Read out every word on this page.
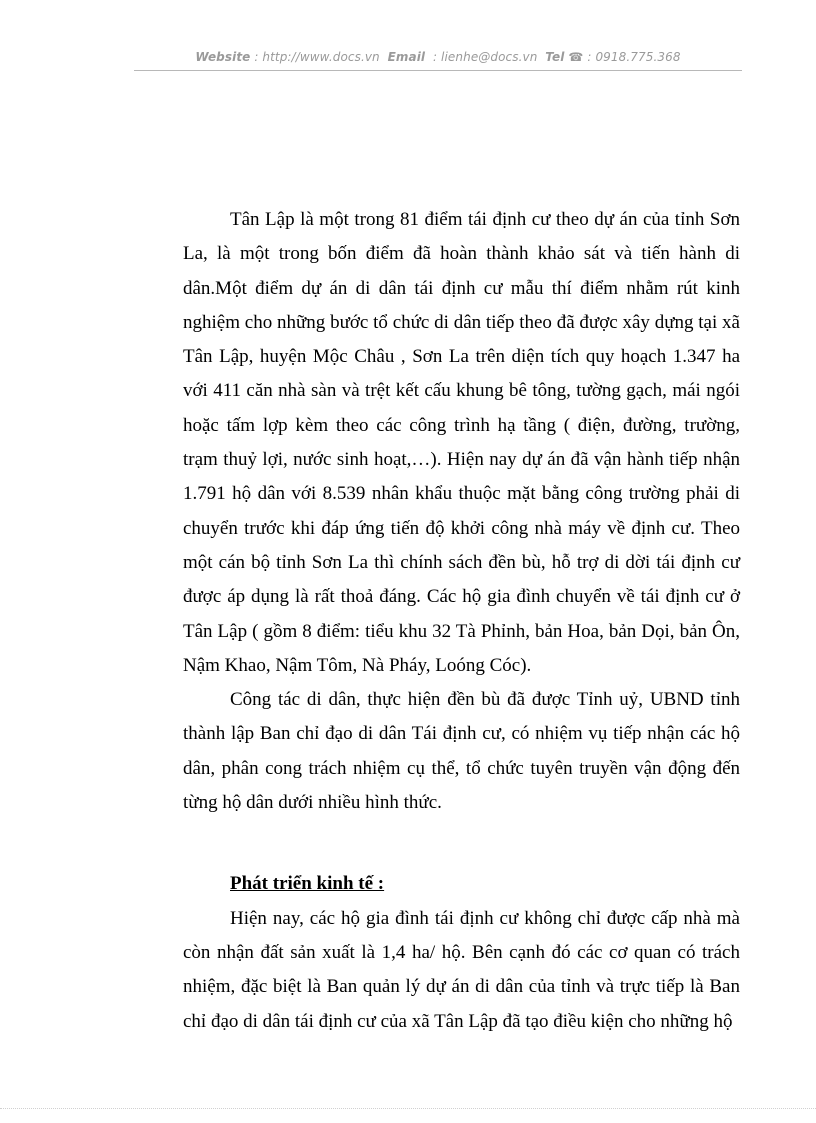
Website : http://www.docs.vn Email : lienhe@docs.vn Tel ☎ : 0918.775.368

Tân Lập là một trong 81 điểm tái định cư theo dự án của tỉnh Sơn La, là một trong bốn điểm đã hoàn thành khảo sát và tiến hành di dân.Một điểm dự án di dân tái định cư mẫu thí điểm nhằm rút kinh nghiệm cho những bước tổ chức di dân tiếp theo đã được xây dựng tại xã Tân Lập, huyện Mộc Châu , Sơn La trên diện tích quy hoạch 1.347 ha với 411 căn nhà sàn và trệt kết cấu khung bê tông, tường gạch, mái ngói hoặc tấm lợp kèm theo các công trình hạ tầng ( điện, đường, trường, trạm thuỷ lợi, nước sinh hoạt,…). Hiện nay dự án đã vận hành tiếp nhận 1.791 hộ dân với 8.539 nhân khẩu thuộc mặt bằng công trường phải di chuyển trước khi đáp ứng tiến độ khởi công nhà máy về định cư. Theo một cán bộ tỉnh Sơn La thì chính sách đền bù, hỗ trợ di dời tái định cư được áp dụng là rất thoả đáng. Các hộ gia đình chuyển về tái định cư ở Tân Lập ( gồm 8 điểm: tiểu khu 32 Tà Phỉnh, bản Hoa, bản Dọi, bản Ôn, Nậm Khao, Nậm Tôm, Nà Pháy, Loóng Cóc).

Công tác di dân, thực hiện đền bù đã được Tỉnh uỷ, UBND tỉnh thành lập Ban chỉ đạo di dân Tái định cư, có nhiệm vụ tiếp nhận các hộ dân, phân cong trách nhiệm cụ thể, tổ chức tuyên truyền vận động đến từng hộ dân dưới nhiều hình thức.

Phát triển kinh tế :

Hiện nay, các hộ gia đình tái định cư không chỉ được cấp nhà mà còn nhận đất sản xuất là 1,4 ha/ hộ. Bên cạnh đó các cơ quan có trách nhiệm, đặc biệt là Ban quản lý dự án di dân của tỉnh và trực tiếp là Ban chỉ đạo di dân tái định cư của xã Tân Lập đã tạo điều kiện cho những hộ
